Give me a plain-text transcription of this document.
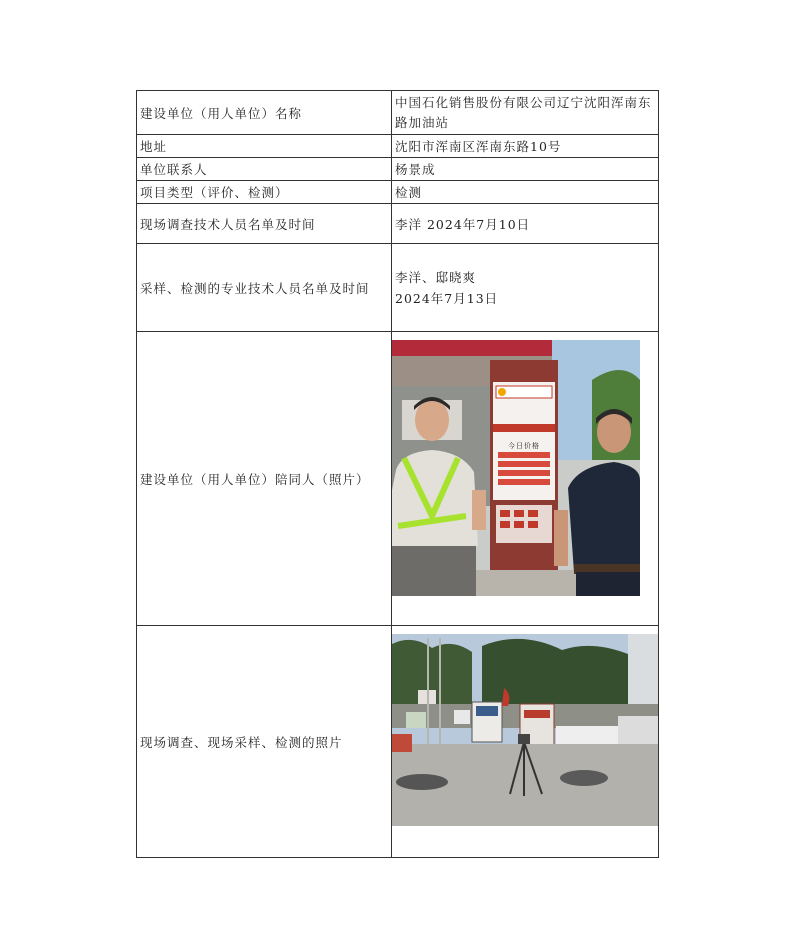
建设单位（用人单位）名称	中国石化销售股份有限公司辽宁沈阳浑南东路加油站
地址	沈阳市浑南区浑南东路10号
单位联系人	杨景成
项目类型（评价、检测）	检测
现场调查技术人员名单及时间	李洋 2024年7月10日
采样、检测的专业技术人员名单及时间	李洋、邸晓爽
2024年7月13日

建设单位（用人单位）陪同人（照片）	今日价格

现场调查、现场采样、检测的照片	
